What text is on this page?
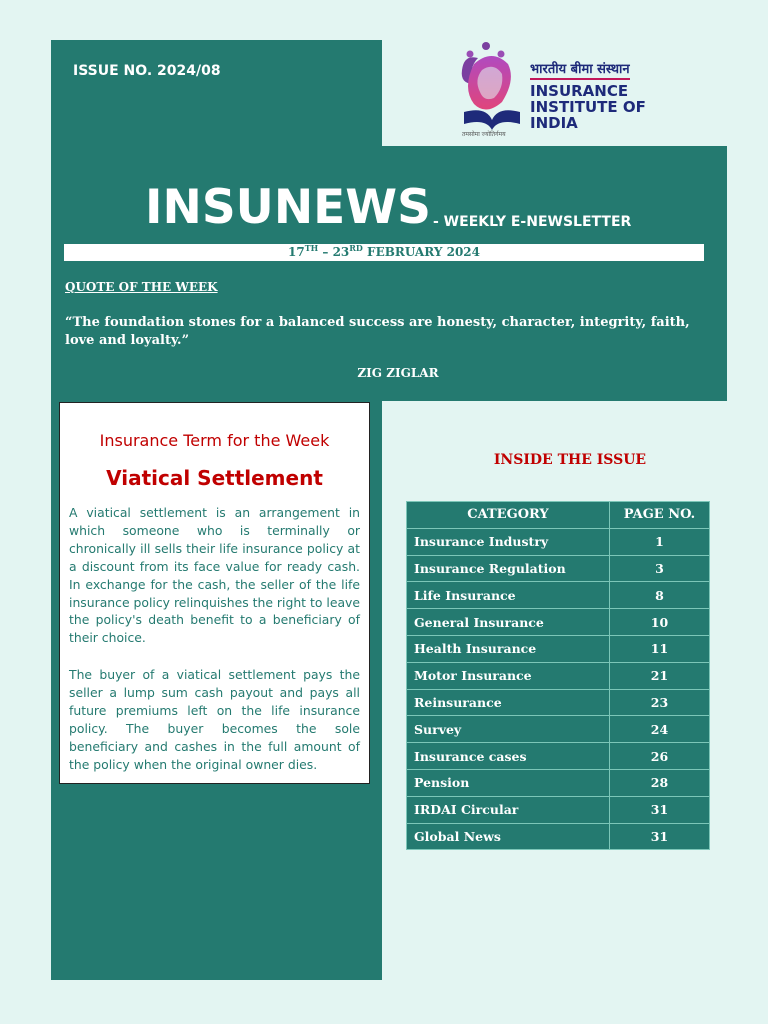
ISSUE NO. 2024/08	भारतीय बीमा संस्थान
INSURANCE
INSTITUTE OF
INDIA
तमसोमा ज्योतिर्गमय
INSUNEWS - WEEKLY E-NEWSLETTER
17TH – 23RD FEBRUARY 2024
QUOTE OF THE WEEK
“The foundation stones for a balanced success are honesty, character, integrity, faith, love and loyalty.”
ZIG ZIGLAR
Insurance Term for the Week
Viatical Settlement
A viatical settlement is an arrangement in which someone who is terminally or chronically ill sells their life insurance policy at a discount from its face value for ready cash. In exchange for the cash, the seller of the life insurance policy relinquishes the right to leave the policy's death benefit to a beneficiary of their choice.
The buyer of a viatical settlement pays the seller a lump sum cash payout and pays all future premiums left on the life insurance policy. The buyer becomes the sole beneficiary and cashes in the full amount of the policy when the original owner dies.
INSIDE THE ISSUE
CATEGORY	PAGE NO.
Insurance Industry	1
Insurance Regulation	3
Life Insurance	8
General Insurance	10
Health Insurance	11
Motor Insurance	21
Reinsurance	23
Survey	24
Insurance cases	26
Pension	28
IRDAI Circular	31
Global News	31
